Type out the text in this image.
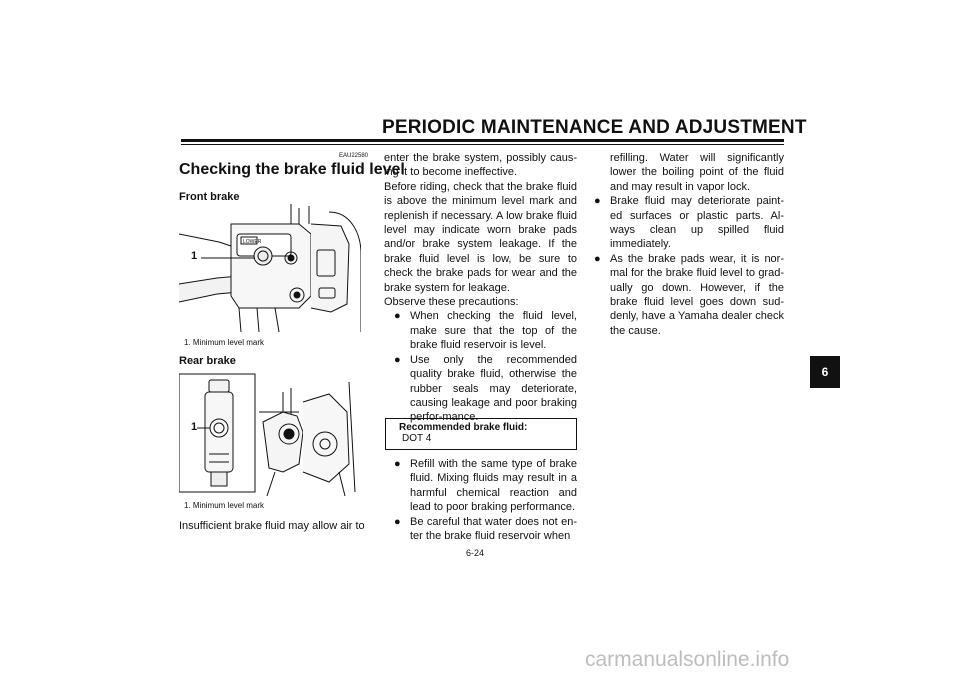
PERIODIC MAINTENANCE AND ADJUSTMENT
EAU22580
Checking the brake fluid level
Front brake
LOWER
1
1. Minimum level mark
Rear brake
1
1. Minimum level mark
Insufficient brake fluid may allow air to

enter the brake system, possibly caus-ing it to become ineffective.

Before riding, check that the brake fluid is above the minimum level mark and replenish if necessary. A low brake fluid level may indicate worn brake pads and/or brake system leakage. If the brake fluid level is low, be sure to check the brake pads for wear and the brake system for leakage.

Observe these precautions:

● When checking the fluid level, make sure that the top of the brake fluid reservoir is level.
● Use only the recommended quality brake fluid, otherwise the rubber seals may deteriorate, causing leakage and poor braking perfor-mance.
Recommended brake fluid:
DOT 4
● Refill with the same type of brake fluid. Mixing fluids may result in a harmful chemical reaction and lead to poor braking performance.
● Be careful that water does not en-ter the brake fluid reservoir when

refilling. Water will significantly lower the boiling point of the fluid and may result in vapor lock.

● Brake fluid may deteriorate paint-ed surfaces or plastic parts. Al-ways clean up spilled fluid immediately.
● As the brake pads wear, it is nor-mal for the brake fluid level to grad-ually go down. However, if the brake fluid level goes down sud-denly, have a Yamaha dealer check the cause.
6
6-24
carmanualsonline.info
